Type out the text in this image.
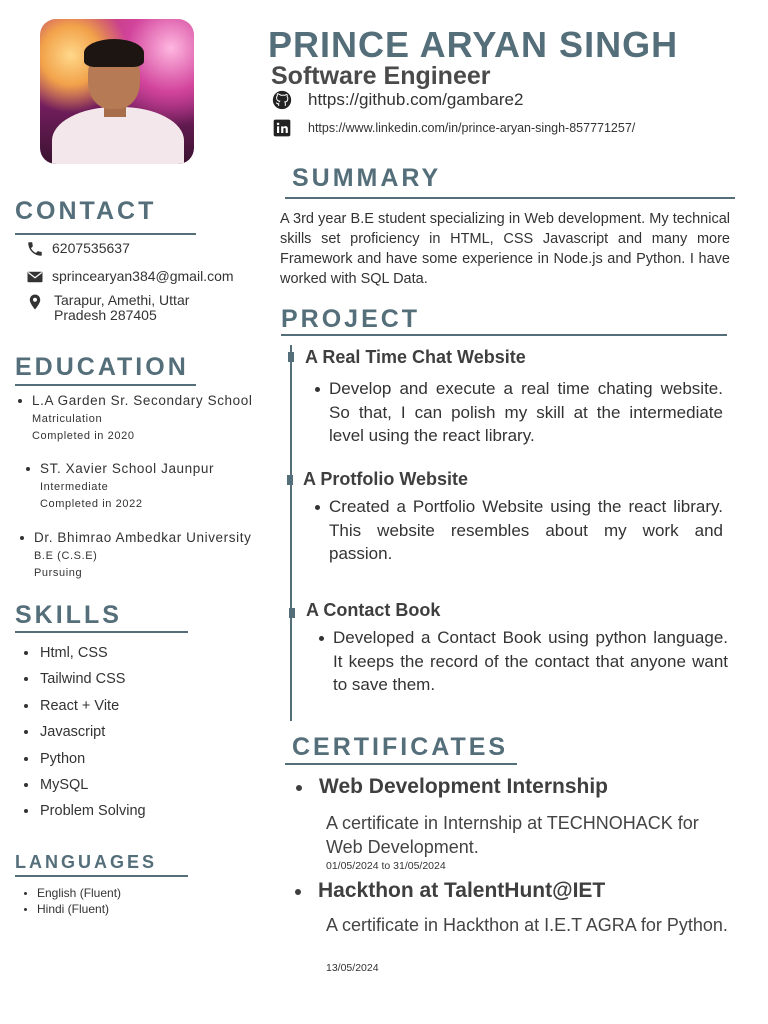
PRINCE ARYAN SINGH
Software Engineer
https://github.com/gambare2
https://www.linkedin.com/in/prince-aryan-singh-857771257/
CONTACT
6207535637
sprincearyan384@gmail.com
Tarapur, Amethi, Uttar
Pradesh 287405
EDUCATION
L.A Garden Sr. Secondary School
Matriculation
Completed in 2020
ST. Xavier School Jaunpur
Intermediate
Completed in 2022
Dr. Bhimrao Ambedkar University
B.E (C.S.E)
Pursuing
SKILLS
Html, CSS
Tailwind CSS
React + Vite
Javascript
Python
MySQL
Problem Solving
LANGUAGES
English (Fluent)
Hindi (Fluent)
SUMMARY
A 3rd year B.E student specializing in Web development. My technical skills set proficiency in HTML, CSS Javascript and many more Framework and have some experience in Node.js and Python. I have worked with SQL Data.
PROJECT
A Real Time Chat Website
Develop and execute a real time chating website. So that, I can polish my skill at the intermediate level using the react library.
A Protfolio Website
Created a Portfolio Website using the react library. This website resembles about my work and passion.
A Contact Book
Developed a Contact Book using python language. It keeps the record of the contact that anyone want to save them.
CERTIFICATES
Web Development Internship
A certificate in Internship at TECHNOHACK for Web Development.
01/05/2024 to 31/05/2024
Hackthon at TalentHunt@IET
A certificate in Hackthon at I.E.T AGRA for Python.
13/05/2024
